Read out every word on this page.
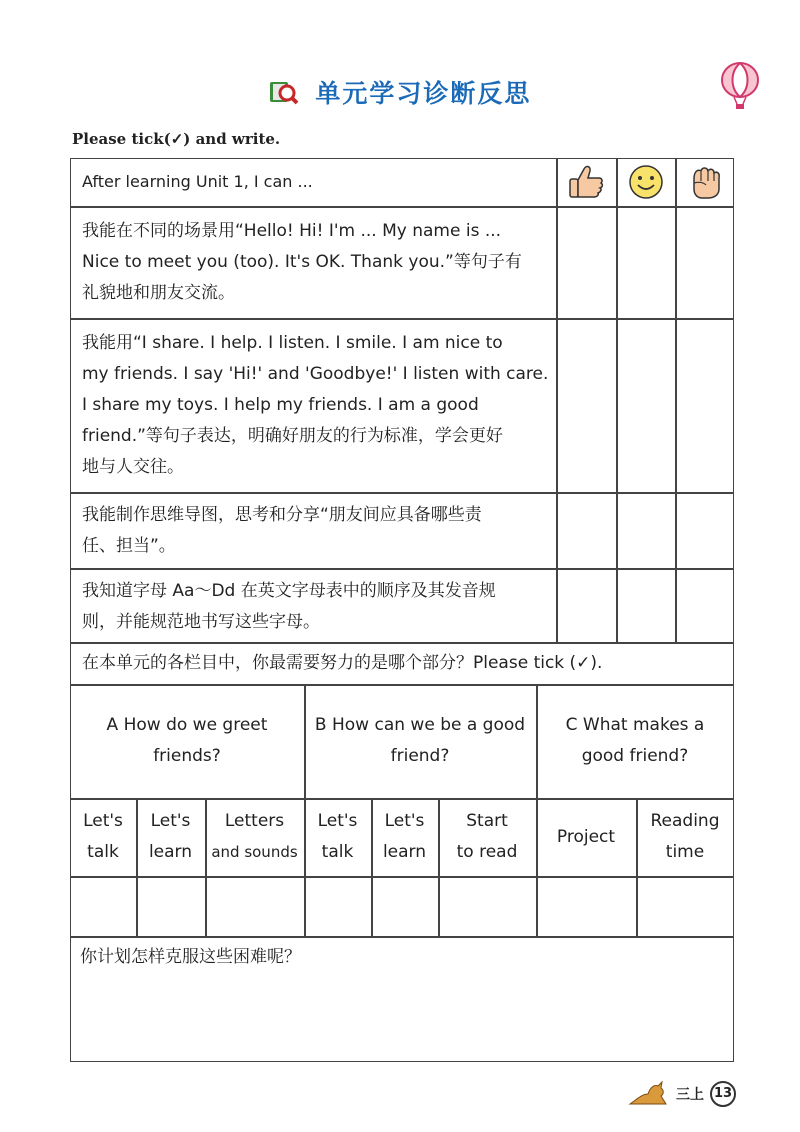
单元学习诊断反思
Please tick(✓) and write.
After learning Unit 1, I can ...
我能在不同的场景用“Hello! Hi! I'm ... My name is ...
Nice to meet you (too). It's OK. Thank you.”等句子有
礼貌地和朋友交流。
我能用“I share. I help. I listen. I smile. I am nice to
my friends. I say 'Hi!' and 'Goodbye!' I listen with care.
I share my toys. I help my friends. I am a good
friend.”等句子表达，明确好朋友的行为标准，学会更好
地与人交往。
我能制作思维导图，思考和分享“朋友间应具备哪些责
任、担当”。
我知道字母 Aa～Dd 在英文字母表中的顺序及其发音规
则，并能规范地书写这些字母。
在本单元的各栏目中，你最需要努力的是哪个部分？Please tick (✓).
A How do we greet
friends?
B How can we be a good
friend?
C What makes a
good friend?
Let's
talk
Let's
learn
Letters
and sounds
Let's
talk
Let's
learn
Start
to read
Project
Reading
time
你计划怎样克服这些困难呢？
三上 13
